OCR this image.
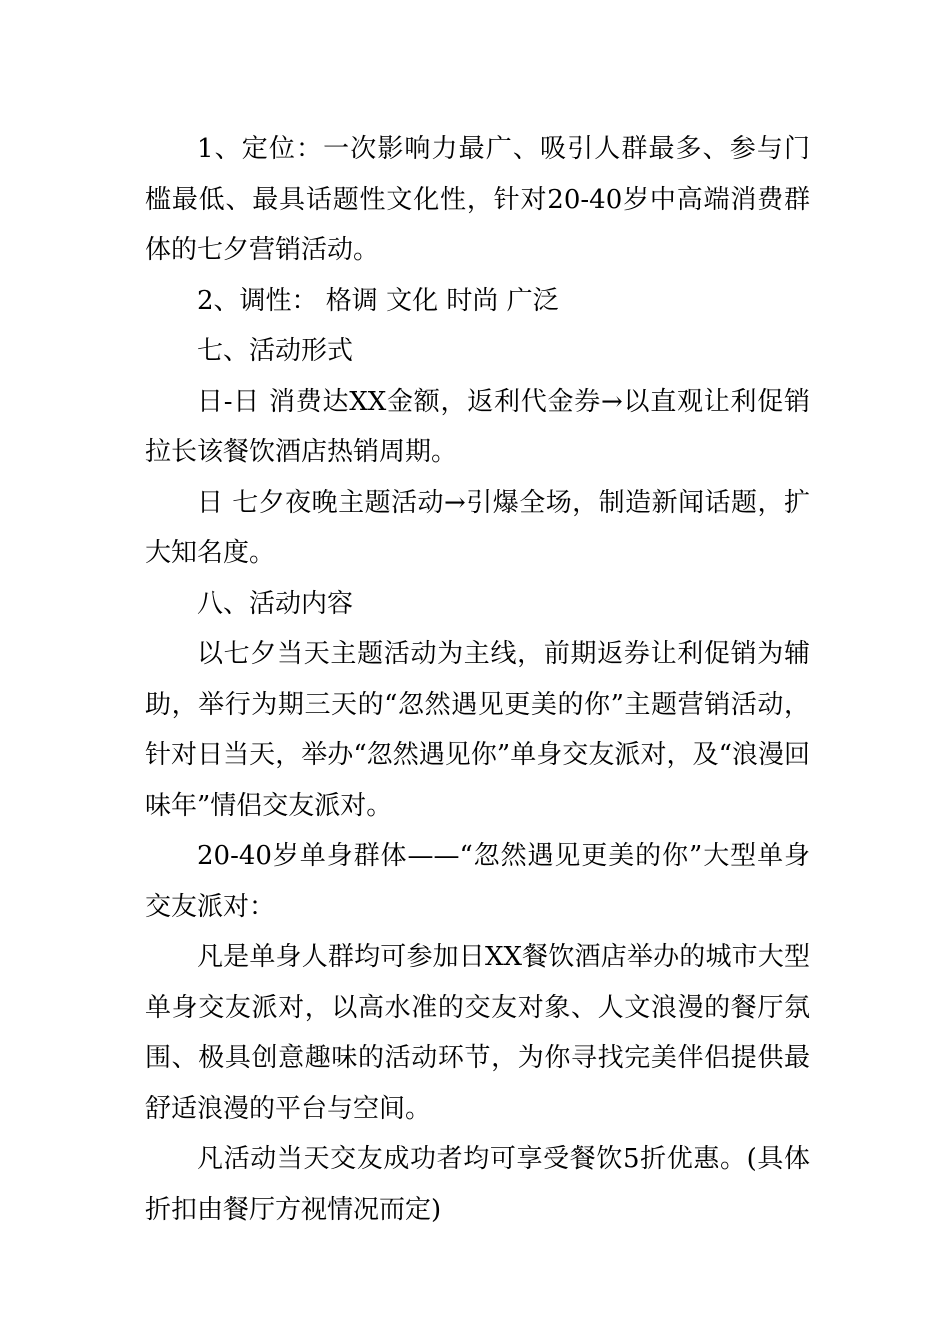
1、定位：一次影响力最广、吸引人群最多、参与门槛最低、最具话题性文化性，针对20-40岁中高端消费群体的七夕营销活动。

2、调性： 格调 文化 时尚 广泛

七、活动形式

日-日 消费达XX金额，返利代金券→以直观让利促销拉长该餐饮酒店热销周期。

日 七夕夜晚主题活动→引爆全场，制造新闻话题，扩大知名度。

八、活动内容

以七夕当天主题活动为主线，前期返券让利促销为辅助，举行为期三天的“忽然遇见更美的你”主题营销活动，针对日当天，举办“忽然遇见你”单身交友派对，及“浪漫回味年”情侣交友派对。

20-40岁单身群体——“忽然遇见更美的你”大型单身交友派对：

凡是单身人群均可参加日XX餐饮酒店举办的城市大型单身交友派对，以高水准的交友对象、人文浪漫的餐厅氛围、极具创意趣味的活动环节，为你寻找完美伴侣提供最舒适浪漫的平台与空间。

凡活动当天交友成功者均可享受餐饮5折优惠。(具体折扣由餐厅方视情况而定)
